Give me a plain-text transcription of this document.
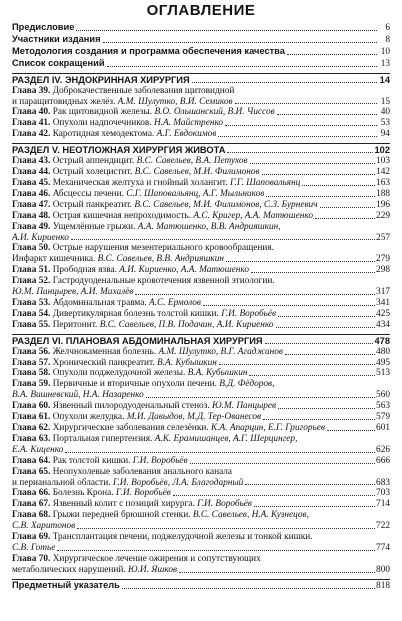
ОГЛАВЛЕНИЕ
Предисловие	6
Участники издания	8
Методология создания и программа обеспечения качества	10
Список сокращений	13
РАЗДЕЛ IV. ЭНДОКРИННАЯ ХИРУРГИЯ	14
Глава 39. Доброкачественные заболевания щитовидной
и паращитовидных желёз. А.М. Шулутко, В.И. Семиков	15
Глава 40. Рак щитовидной железы. В.О. Ольшанский, В.И. Чиссов	40
Глава 41. Опухоли надпочечников. Н.А. Майстренко	53
Глава 42. Каротидная хемодектома. А.Г. Евдокимов	94
РАЗДЕЛ V. НЕОТЛОЖНАЯ ХИРУРГИЯ ЖИВОТА	102
Глава 43. Острый аппендицит. В.С. Савельев, В.А. Петухов	103
Глава 44. Острый холецистит. В.С. Савельев, М.И. Филимонов	142
Глава 45. Механическая желтуха и гнойный холангит. Г.Г. Шаповальянц	163
Глава 46. Абсцессы печени. С.Г. Шаповальянц, А.Г. Мыльников	188
Глава 47. Острый панкреатит. В.С. Савельев, М.И. Филимонов, С.З. Бурневич	196
Глава 48. Острая кишечная непроходимость. А.С. Кригер, А.А. Матюшенко	229
Глава 49. Ущемлённые грыжи. А.А. Матюшенко, В.В. Андрияшкин,
А.И. Кириенко	257
Глава 50. Острые нарушения мезентериального кровообращения.
Инфаркт кишечника. В.С. Савельев, В.В. Андрияшкин	279
Глава 51. Прободная язва. А.И. Кириенко, А.А. Матюшенко	298
Глава 52. Гастродуоденальные кровотечения язвенной этиологии.
Ю.М. Панцырев, А.И. Михалёв	317
Глава 53. Абдоминальная травма. А.С. Ермолов	341
Глава 54. Дивертикулярная болезнь толстой кишки. Г.И. Воробьёв	425
Глава 55. Перитонит. В.С. Савельев, П.В. Подачин, А.И. Кириенко	434
РАЗДЕЛ VI. ПЛАНОВАЯ АБДОМИНАЛЬНАЯ ХИРУРГИЯ	478
Глава 56. Желчнокаменная болезнь. А.М. Шулутко, В.Г. Агаджанов	480
Глава 57. Хронический панкреатит. В.А. Кубышкин	495
Глава 58. Опухоли поджелудочной железы. В.А. Кубышкин	513
Глава 59. Первичные и вторичные опухоли печени. В.Д. Фёдоров,
В.А. Вишневский, Н.А. Назаренко	560
Глава 60. Язвенный пилородуоденальный стеноз. Ю.М. Панцырев	563
Глава 61. Опухоли желудка. М.И. Давыдов, М.Д. Тер-Ованесов	579
Глава 62. Хирургические заболевания селезёнки. К.А. Апарцин, Е.Г. Григорьев	601
Глава 63. Портальная гипертензия. А.К. Ерамишанцев, А.Г. Шерцингер,
Е.А. Киценко	626
Глава 64. Рак толстой кишки. Г.И. Воробьёв	666
Глава 65. Неопухолевые заболевания анального канала
и перианальной области. Г.И. Воробьёв, Л.А. Благодарный	683
Глава 66. Болезнь Крона. Г.И. Воробьёв	703
Глава 67. Язвенный колит с позиций хирурга. Г.И. Воробьёв	714
Глава 68. Грыжи передней брюшной стенки. В.С. Савельев, Н.А. Кузнецов,
С.В. Харитонов	722
Глава 69. Трансплантация печени, поджелудочной железы и тонкой кишки.
С.В. Готье	774
Глава 70. Хирургическое лечение ожирения и сопутствующих
метаболических нарушений. Ю.И. Яшков	800
Предметный указатель	818
